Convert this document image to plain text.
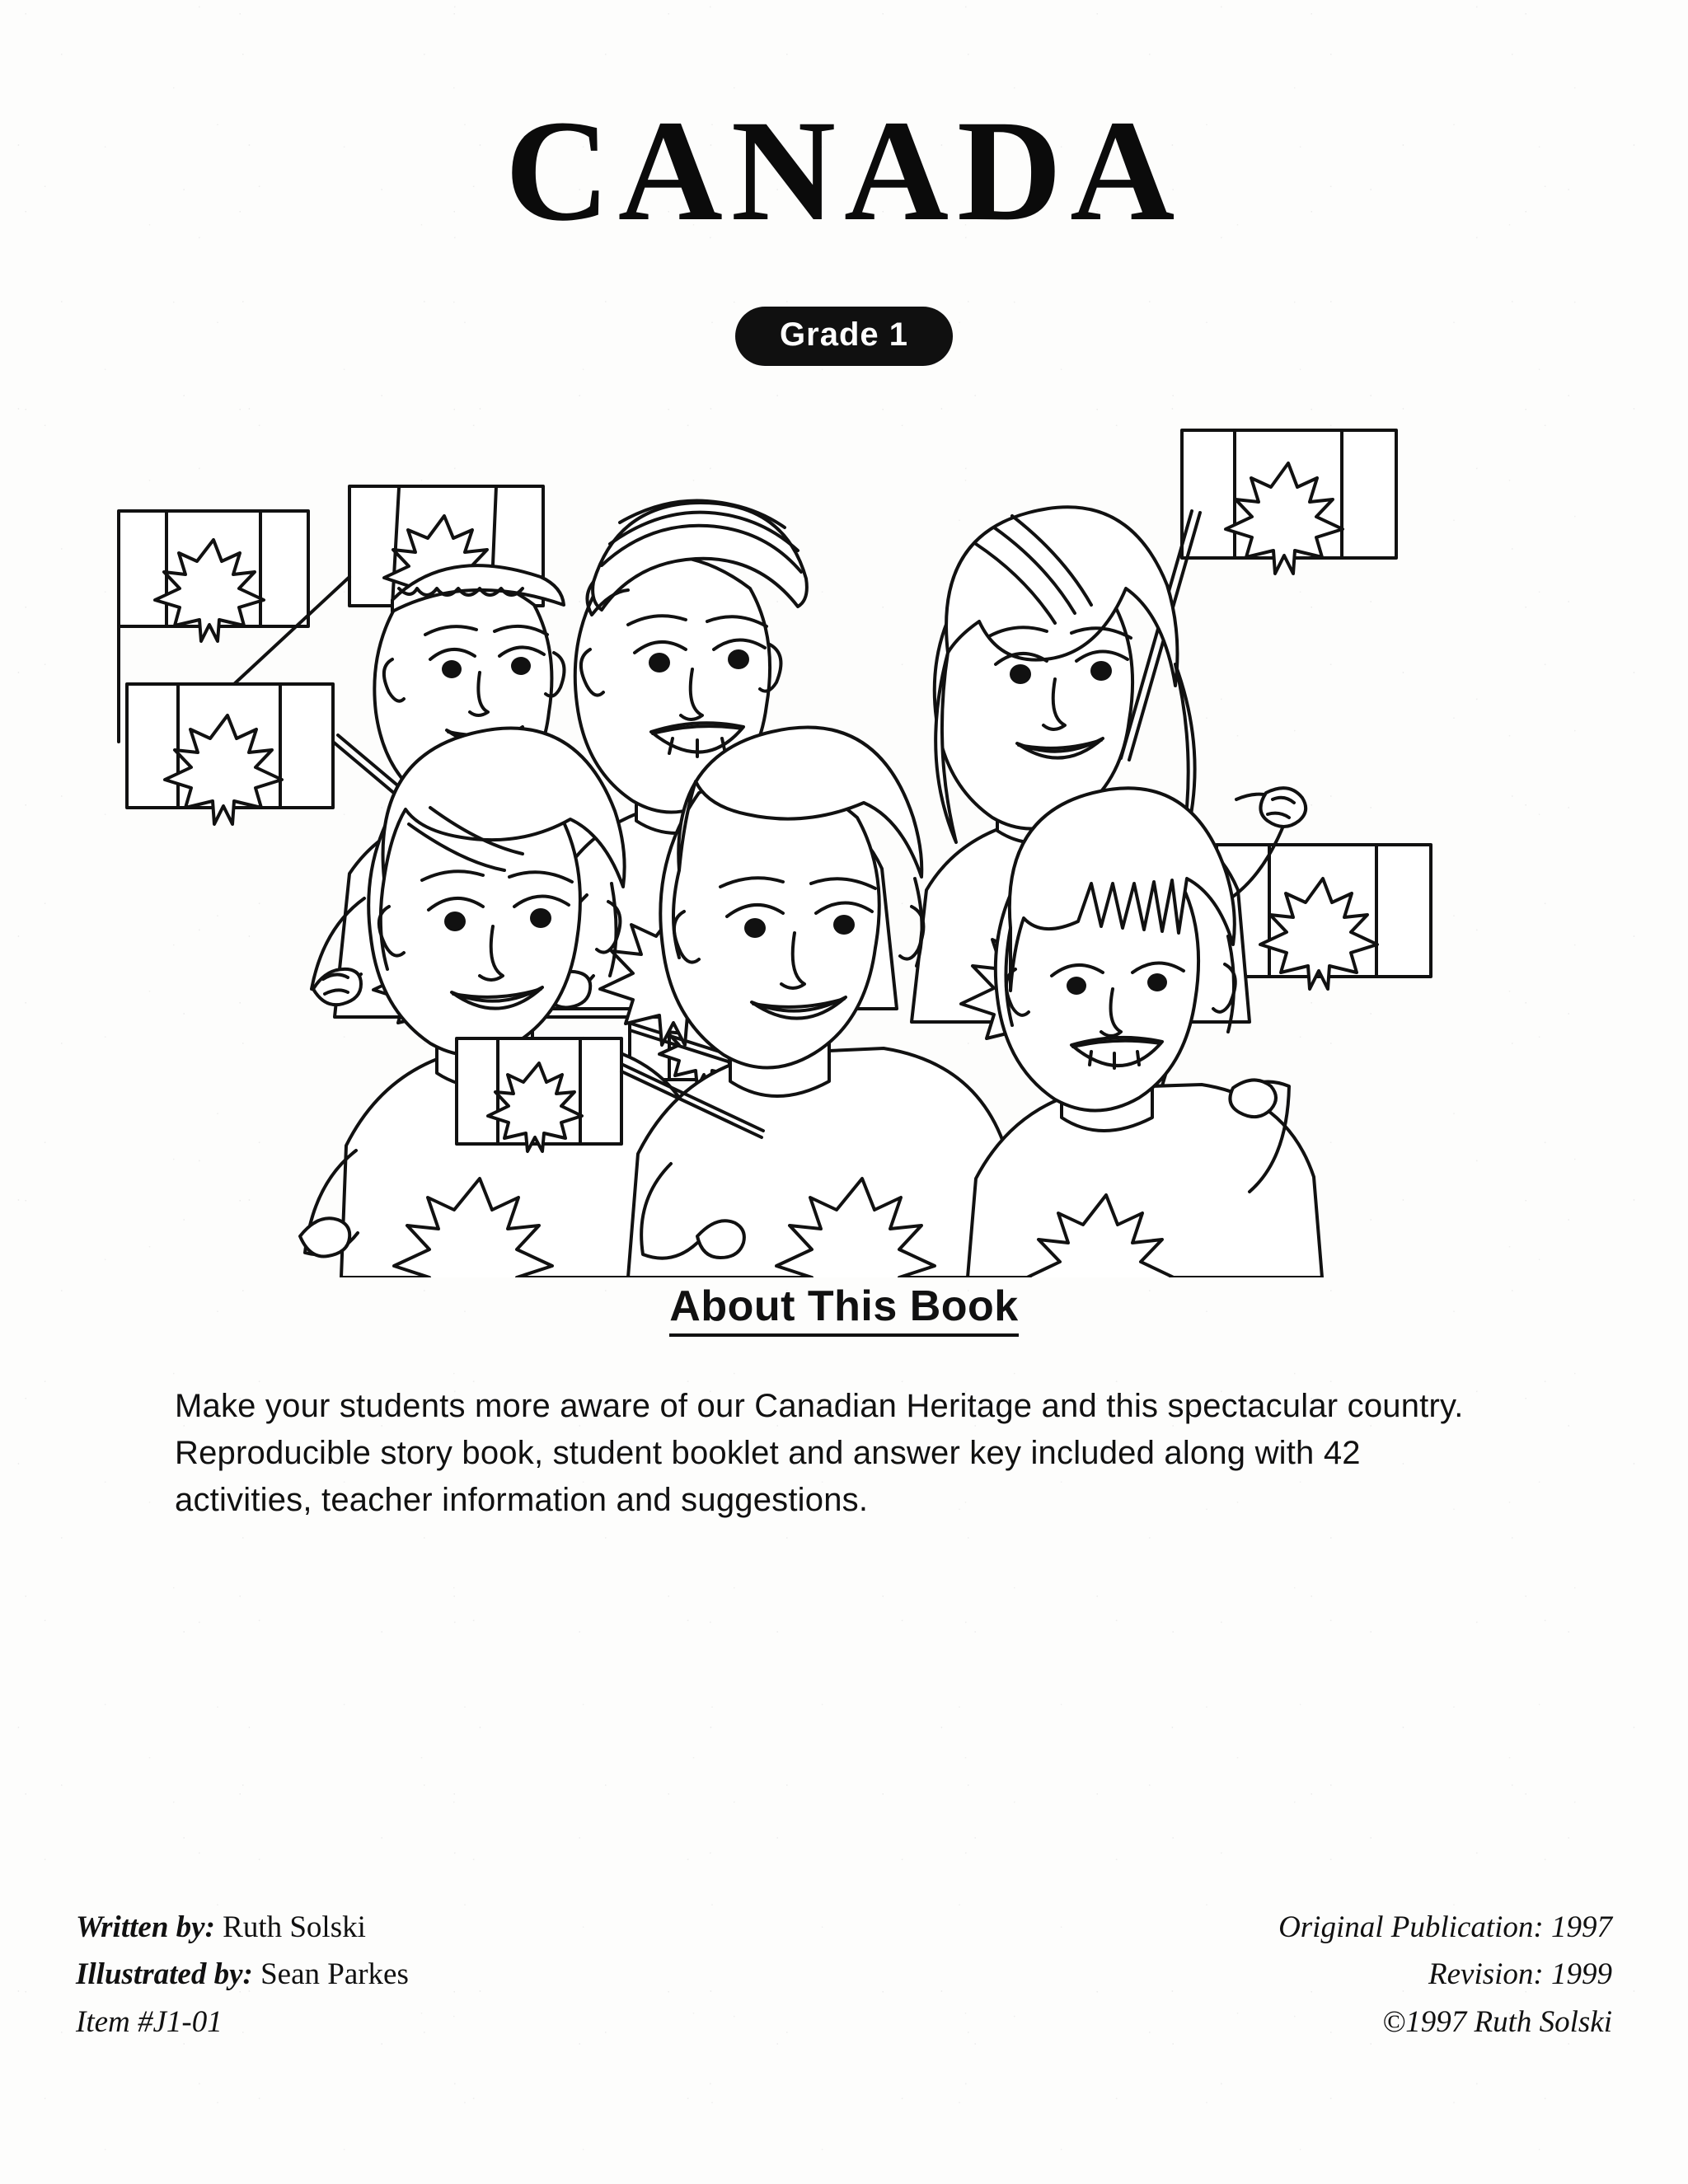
CANADA
Grade 1
About This Book
Make your students more aware of our Canadian Heritage and this spectacular country. Reproducible story book, student booklet and answer key included along with 42 activities, teacher information and suggestions.
Written by: Ruth Solski
Illustrated by: Sean Parkes
Item #J1-01
Original Publication: 1997
Revision: 1999
©1997 Ruth Solski
